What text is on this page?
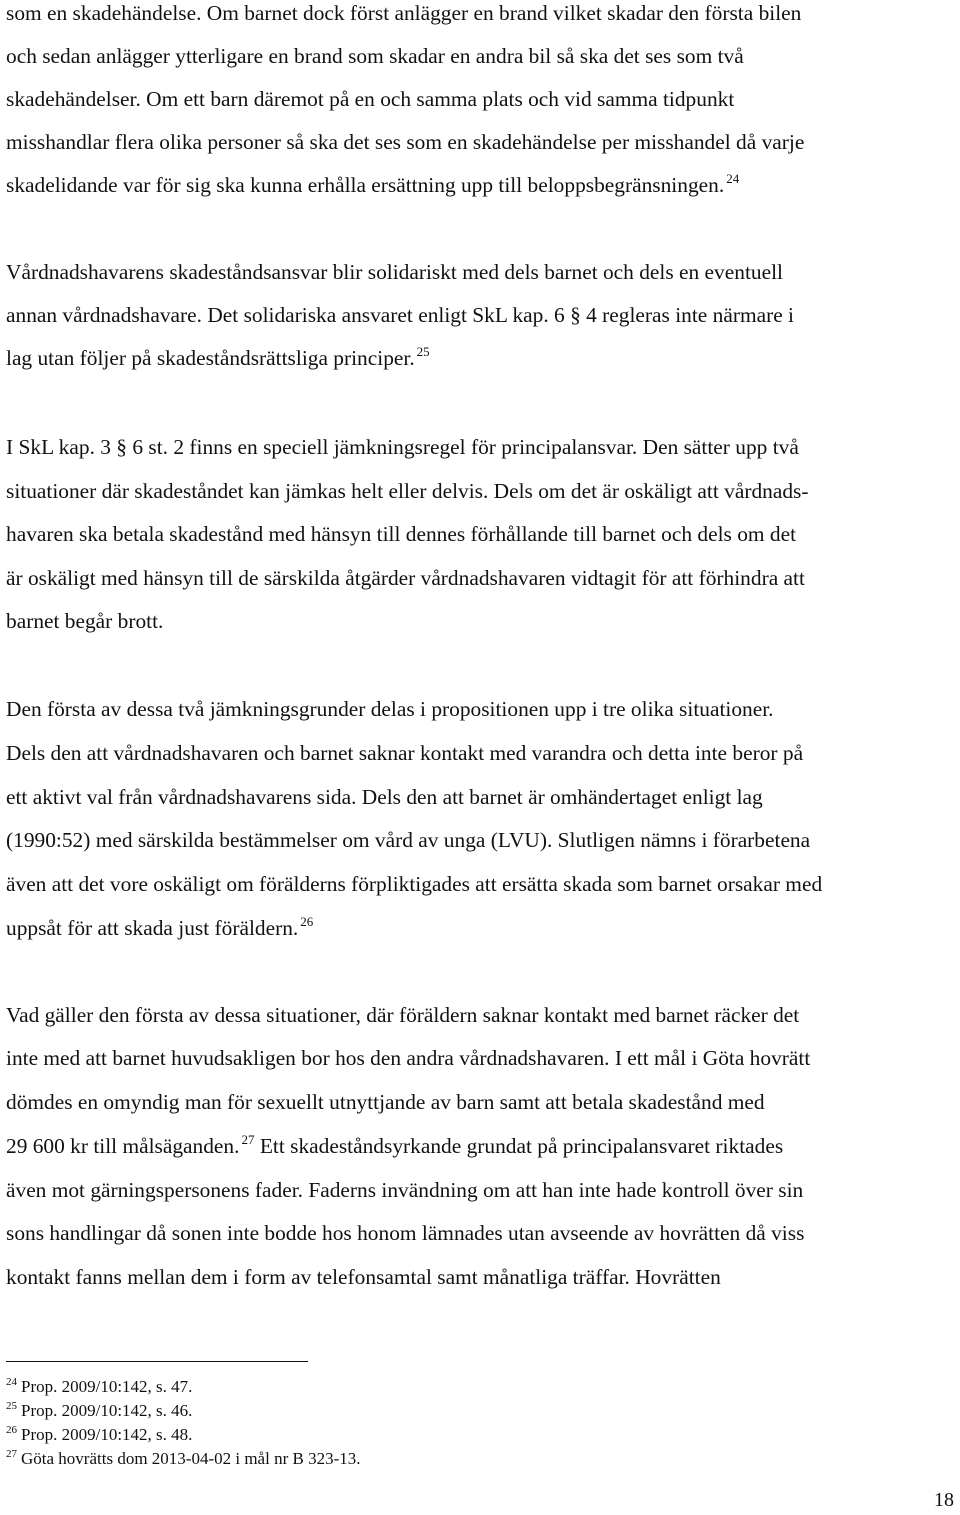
som en skadehändelse. Om barnet dock först anlägger en brand vilket skadar den första bilen
och sedan anlägger ytterligare en brand som skadar en andra bil så ska det ses som två
skadehändelser. Om ett barn däremot på en och samma plats och vid samma tidpunkt
misshandlar flera olika personer så ska det ses som en skadehändelse per misshandel då varje
skadelidande var för sig ska kunna erhålla ersättning upp till beloppsbegränsningen. $^{24}$
Vårdnadshavarens skadeståndsansvar blir solidariskt med dels barnet och dels en eventuell
annan vårdnadshavare. Det solidariska ansvaret enligt SkL kap. 6 § 4 regleras inte närmare i
lag utan följer på skadeståndsrättsliga principer. $^{25}$
I SkL kap. 3 § 6 st. 2 finns en speciell jämkningsregel för principalansvar. Den sätter upp två
situationer där skadeståndet kan jämkas helt eller delvis. Dels om det är oskäligt att vårdnads-
havaren ska betala skadestånd med hänsyn till dennes förhållande till barnet och dels om det
är oskäligt med hänsyn till de särskilda åtgärder vårdnadshavaren vidtagit för att förhindra att
barnet begår brott.
Den första av dessa två jämkningsgrunder delas i propositionen upp i tre olika situationer.
Dels den att vårdnadshavaren och barnet saknar kontakt med varandra och detta inte beror på
ett aktivt val från vårdnadshavarens sida. Dels den att barnet är omhändertaget enligt lag
(1990:52) med särskilda bestämmelser om vård av unga (LVU). Slutligen nämns i förarbetena
även att det vore oskäligt om förälderns förpliktigades att ersätta skada som barnet orsakar med
uppsåt för att skada just föräldern. $^{26}$
Vad gäller den första av dessa situationer, där föräldern saknar kontakt med barnet räcker det
inte med att barnet huvudsakligen bor hos den andra vårdnadshavaren. I ett mål i Göta hovrätt
dömdes en omyndig man för sexuellt utnyttjande av barn samt att betala skadestånd med
29 600 kr till målsäganden. $^{27}$ Ett skadeståndsyrkande grundat på principalansvaret riktades
även mot gärningspersonens fader. Faderns invändning om att han inte hade kontroll över sin
sons handlingar då sonen inte bodde hos honom lämnades utan avseende av hovrätten då viss
kontakt fanns mellan dem i form av telefonsamtal samt månatliga träffar. Hovrätten
$^{24}$ Prop. 2009/10:142, s. 47.
$^{25}$ Prop. 2009/10:142, s. 46.
$^{26}$ Prop. 2009/10:142, s. 48.
$^{27}$ Göta hovrätts dom 2013-04-02 i mål nr B 323-13.
18
